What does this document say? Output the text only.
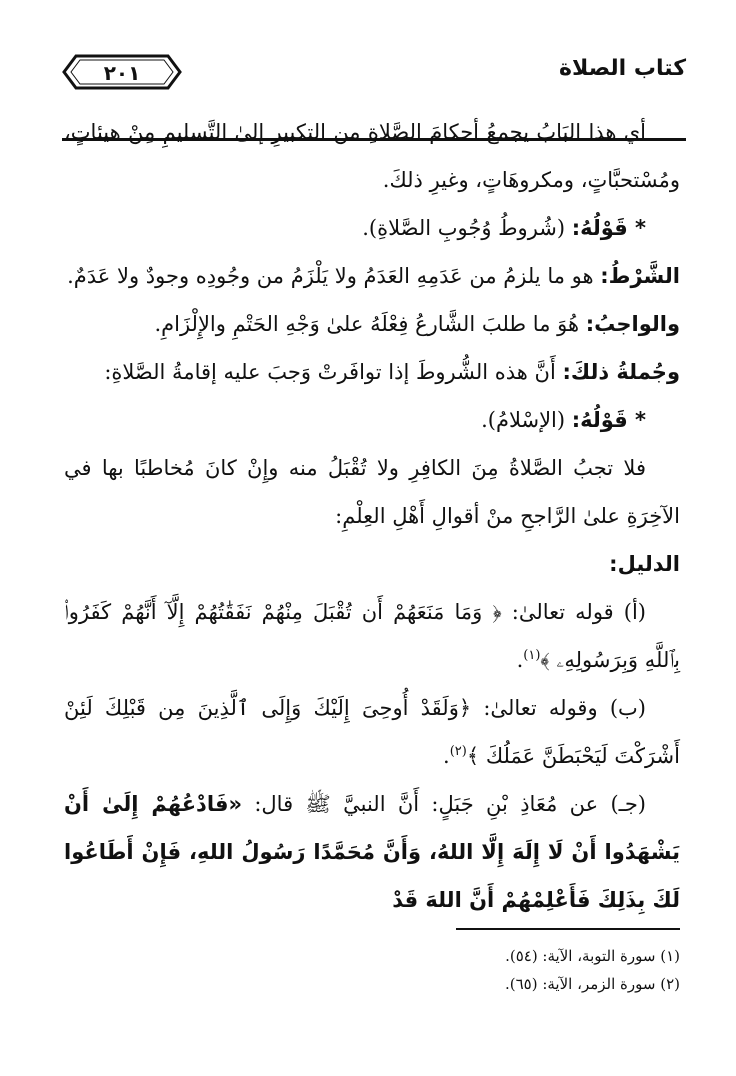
كتاب الصلاة
٢٠١

أي هذا البَابُ يجمعُ أحكامَ الصَّلاةِ من التكبيرِ إلىٰ التَّسليمِ مِنْ هيئاتٍ، ومُسْتحبَّاتٍ، ومكروهَاتٍ، وغيرِ ذلكَ.

* قَوْلُهُ: (شُروطُ وُجُوبِ الصَّلاةِ).

الشَّرْطُ: هو ما يلزمُ من عَدَمِهِ العَدَمُ ولا يَلْزَمُ من وجُودِه وجودٌ ولا عَدَمٌ.

والواجبُ: هُوَ ما طلبَ الشَّارعُ فِعْلَهُ علىٰ وَجْهِ الحَتْمِ والإِلْزَامِ.

وجُملةُ ذلكَ: أَنَّ هذه الشُّروطَ إذا توافَرتْ وَجبَ عليه إقامةُ الصَّلاةِ:

* قَوْلُهُ: (الإسْلامُ).

فلا تجبُ الصَّلاةُ مِنَ الكافِرِ ولا تُقْبَلُ منه وإِنْ كانَ مُخاطبًا بها في الآخِرَةِ علىٰ الرَّاجحِ منْ أقوالِ أَهْلِ العِلْمِ:

الدليل:

(أ) قوله تعالىٰ: ﴿ وَمَا مَنَعَهُمْ أَن تُقْبَلَ مِنْهُمْ نَفَقَٰتُهُمْ إِلَّآ أَنَّهُمْ كَفَرُوا۟ بِٱللَّهِ وَبِرَسُولِهِۦ ﴾$^{(١)}$.

(ب) وقوله تعالىٰ: ﴿وَلَقَدْ أُوحِىَ إِلَيْكَ وَإِلَى ٱلَّذِينَ مِن قَبْلِكَ لَئِنْ أَشْرَكْتَ لَيَحْبَطَنَّ عَمَلُكَ ﴾$^{(٢)}$.

(جـ) عن مُعَاذِ بْنِ جَبَلٍ: أَنَّ النبيَّ ﷺ قال: «فَادْعُهُمْ إِلَىٰ أَنْ يَشْهَدُوا أَنْ لَا إِلَهَ إِلَّا اللهُ، وَأَنَّ مُحَمَّدًا رَسُولُ اللهِ، فَإِنْ أَطَاعُوا لَكَ بِذَلِكَ فَأَعْلِمْهُمْ أَنَّ اللهَ قَدْ

(١) سورة التوبة، الآية: (٥٤).

(٢) سورة الزمر، الآية: (٦٥).
